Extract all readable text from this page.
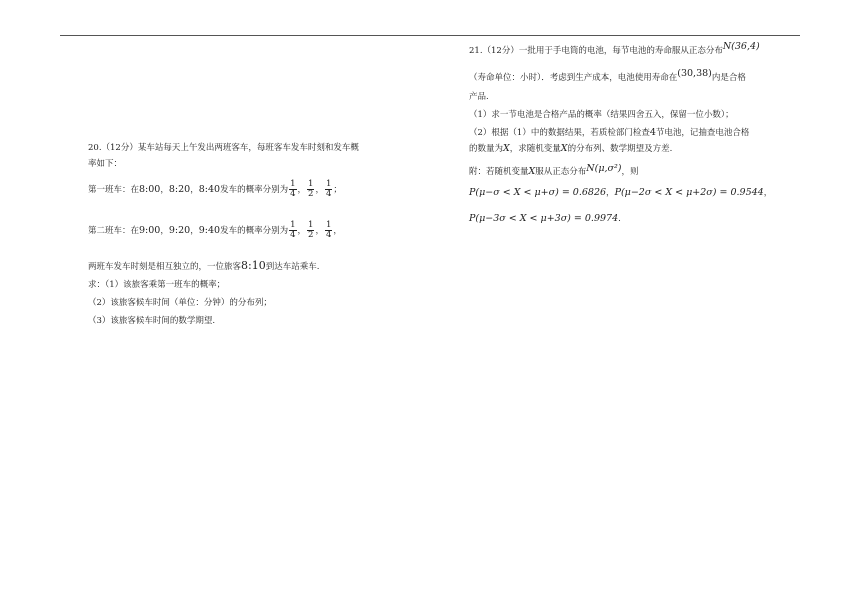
20.（12分）某车站每天上午发出两班客车，每班客车发车时刻和发车概
率如下：
第一班车：在8:00，8:20，8:40发车的概率分别为 $\frac{1}{4}$ ， $\frac{1}{2}$ ， $\frac{1}{4}$ ；
第二班车：在9:00，9:20，9:40发车的概率分别为 $\frac{1}{4}$ ， $\frac{1}{2}$ ， $\frac{1}{4}$ ，
两班车发车时刻是相互独立的，一位旅客8:10到达车站乘车.
求：（1）该旅客乘第一班车的概率；
（2）该旅客候车时间（单位：分钟）的分布列；
（3）该旅客候车时间的数学期望.
21.（12分）一批用于手电筒的电池，每节电池的寿命服从正态分布N(36,4)
（寿命单位：小时）．考虑到生产成本，电池使用寿命在(30,38)内是合格
产品.
（1）求一节电池是合格产品的概率（结果四舍五入，保留一位小数）；
（2）根据（1）中的数据结果，若质检部门检查4节电池，记抽查电池合格
的数量为X，求随机变量X的分布列、数学期望及方差.
附：若随机变量X服从正态分布N(μ,σ²)，则
P(μ−σ < X < μ+σ) = 0.6826，P(μ−2σ < X < μ+2σ) = 0.9544，
P(μ−3σ < X < μ+3σ) = 0.9974.
